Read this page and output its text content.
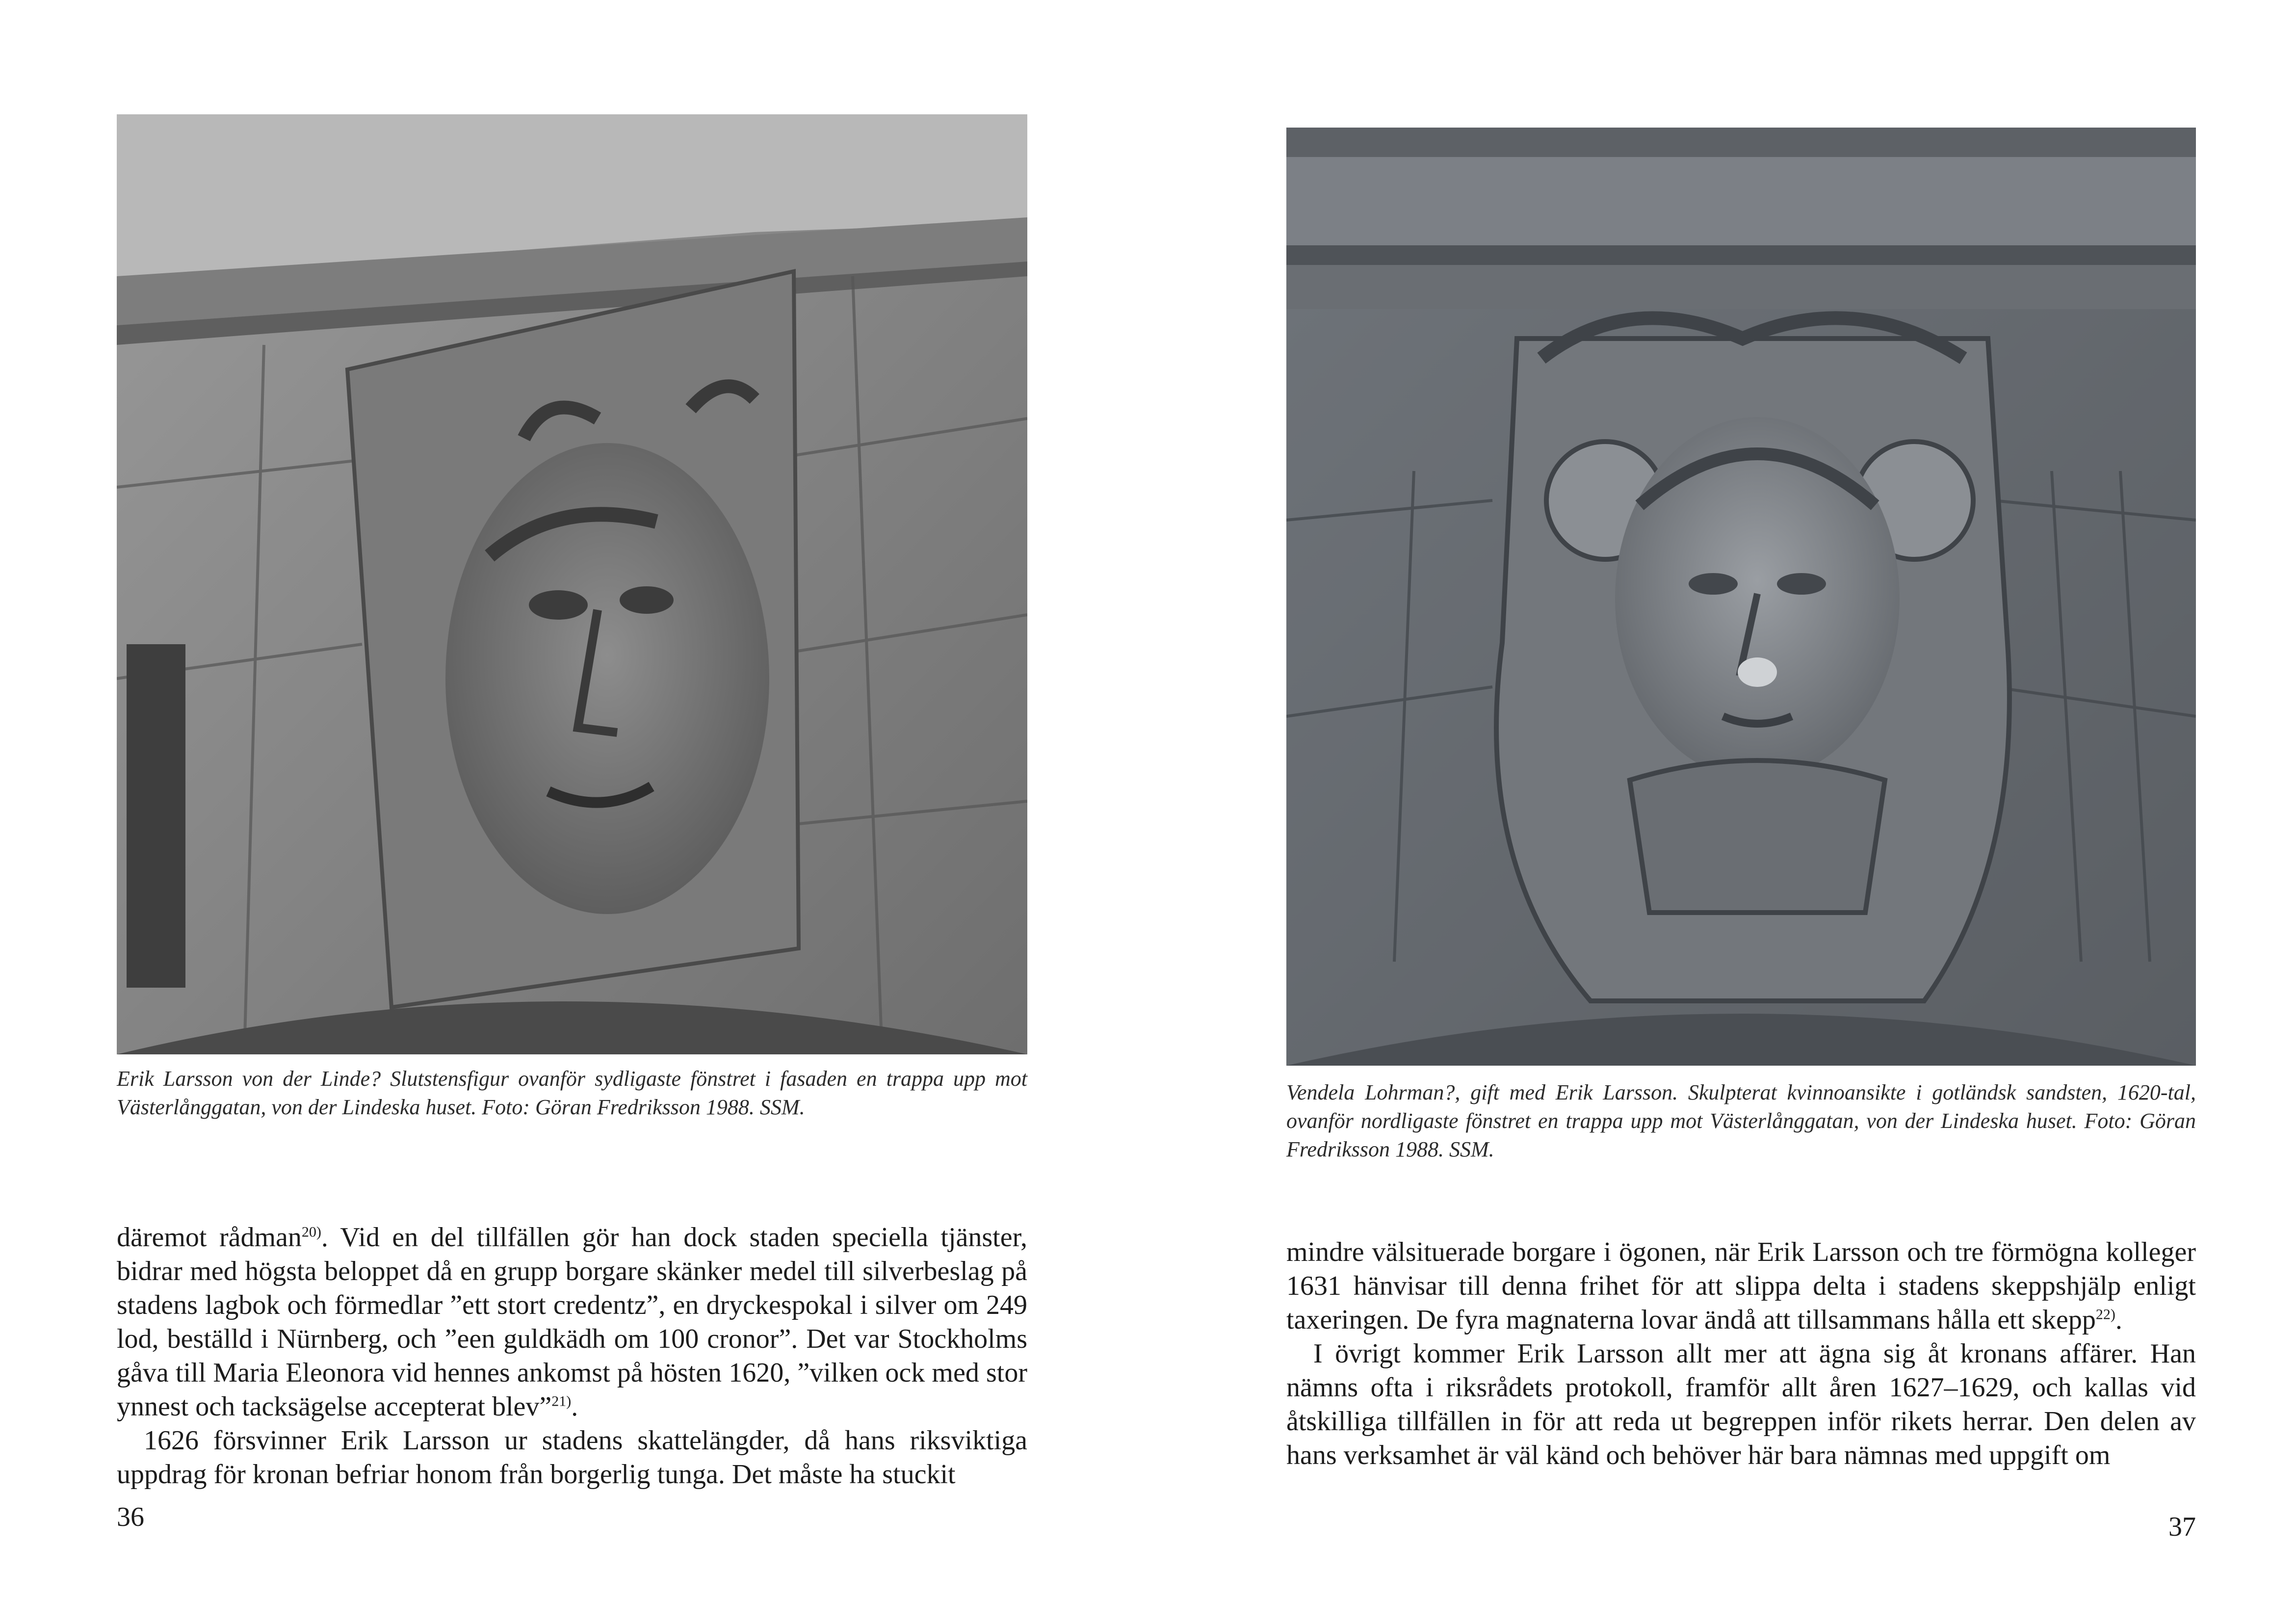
Erik Larsson von der Linde? Slutstensfigur ovanför sydligaste fönstret i fasaden en trappa upp mot Västerlånggatan, von der Lindeska huset. Foto: Göran Fredriksson 1988. SSM.

däremot rådman$^{20)}$. Vid en del tillfällen gör han dock staden speciella tjänster, bidrar med högsta beloppet då en grupp borgare skänker medel till silverbeslag på stadens lagbok och förmedlar ”ett stort credentz”, en dryckespokal i silver om 249 lod, beställd i Nürnberg, och ”een guldkädh om 100 cronor”. Det var Stockholms gåva till Maria Eleonora vid hennes ankomst på hösten 1620, ”vilken ock med stor ynnest och tacksägelse accepterat blev”$^{21)}$.

1626 försvinner Erik Larsson ur stadens skattelängder, då hans riksviktiga uppdrag för kronan befriar honom från borgerlig tunga. Det måste ha stuckit

36
Vendela Lohrman?, gift med Erik Larsson. Skulpterat kvinnoansikte i gotländsk sandsten, 1620-tal, ovanför nordligaste fönstret en trappa upp mot Västerlånggatan, von der Lindeska huset. Foto: Göran Fredriksson 1988. SSM.

mindre välsituerade borgare i ögonen, när Erik Larsson och tre förmögna kolleger 1631 hänvisar till denna frihet för att slippa delta i stadens skeppshjälp enligt taxeringen. De fyra magnaterna lovar ändå att tillsammans hålla ett skepp$^{22)}$.

I övrigt kommer Erik Larsson allt mer att ägna sig åt kronans affärer. Han nämns ofta i riksrådets protokoll, framför allt åren 1627–1629, och kallas vid åtskilliga tillfällen in för att reda ut begreppen inför rikets herrar. Den delen av hans verksamhet är väl känd och behöver här bara nämnas med uppgift om

37
